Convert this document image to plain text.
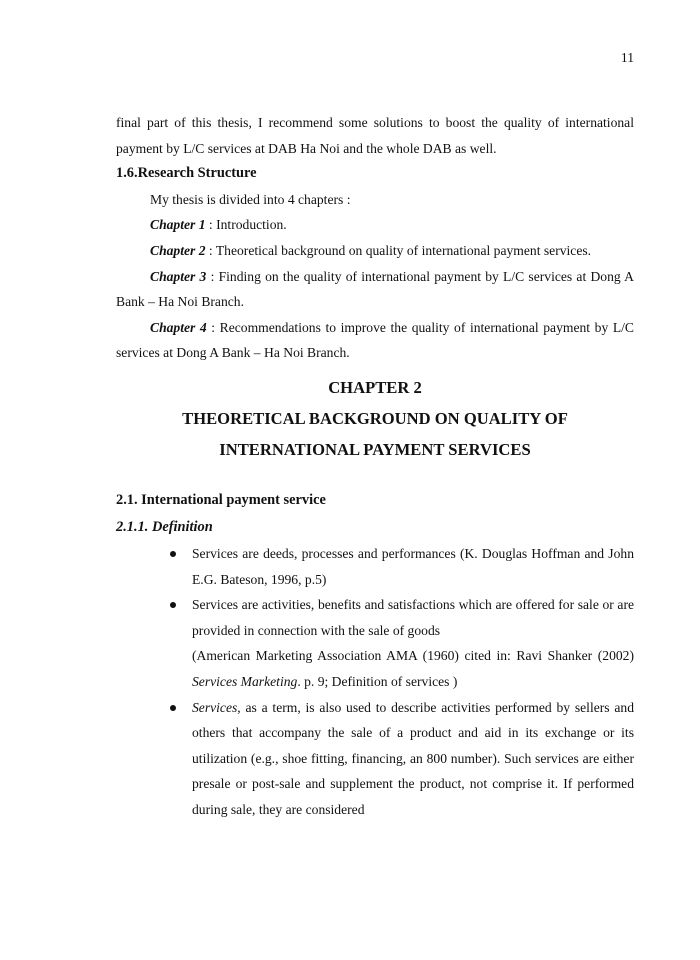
11

final part of this thesis, I recommend some solutions to boost the quality of international payment by L/C services at DAB Ha Noi and the whole DAB as well.

1.6.Research Structure

My thesis is divided into 4 chapters :

Chapter 1 : Introduction.

Chapter 2 : Theoretical background on quality of international payment services.

Chapter 3 : Finding on the quality of international payment by L/C services at Dong A Bank – Ha Noi Branch.

Chapter 4 : Recommendations to improve the quality of international payment by L/C services at Dong A Bank – Ha Noi Branch.

CHAPTER 2
THEORETICAL BACKGROUND ON QUALITY OF
INTERNATIONAL PAYMENT SERVICES
2.1. International payment service
2.1.1. Definition
Services are deeds, processes and performances (K. Douglas Hoffman and John E.G. Bateson, 1996, p.5)
Services are activities, benefits and satisfactions which are offered for sale or are provided in connection with the sale of goods
(American Marketing Association AMA (1960) cited in: Ravi Shanker (2002) Services Marketing. p. 9; Definition of services )
Services, as a term, is also used to describe activities performed by sellers and others that accompany the sale of a product and aid in its exchange or its utilization (e.g., shoe fitting, financing, an 800 number). Such services are either presale or post-sale and supplement the product, not comprise it. If performed during sale, they are considered
